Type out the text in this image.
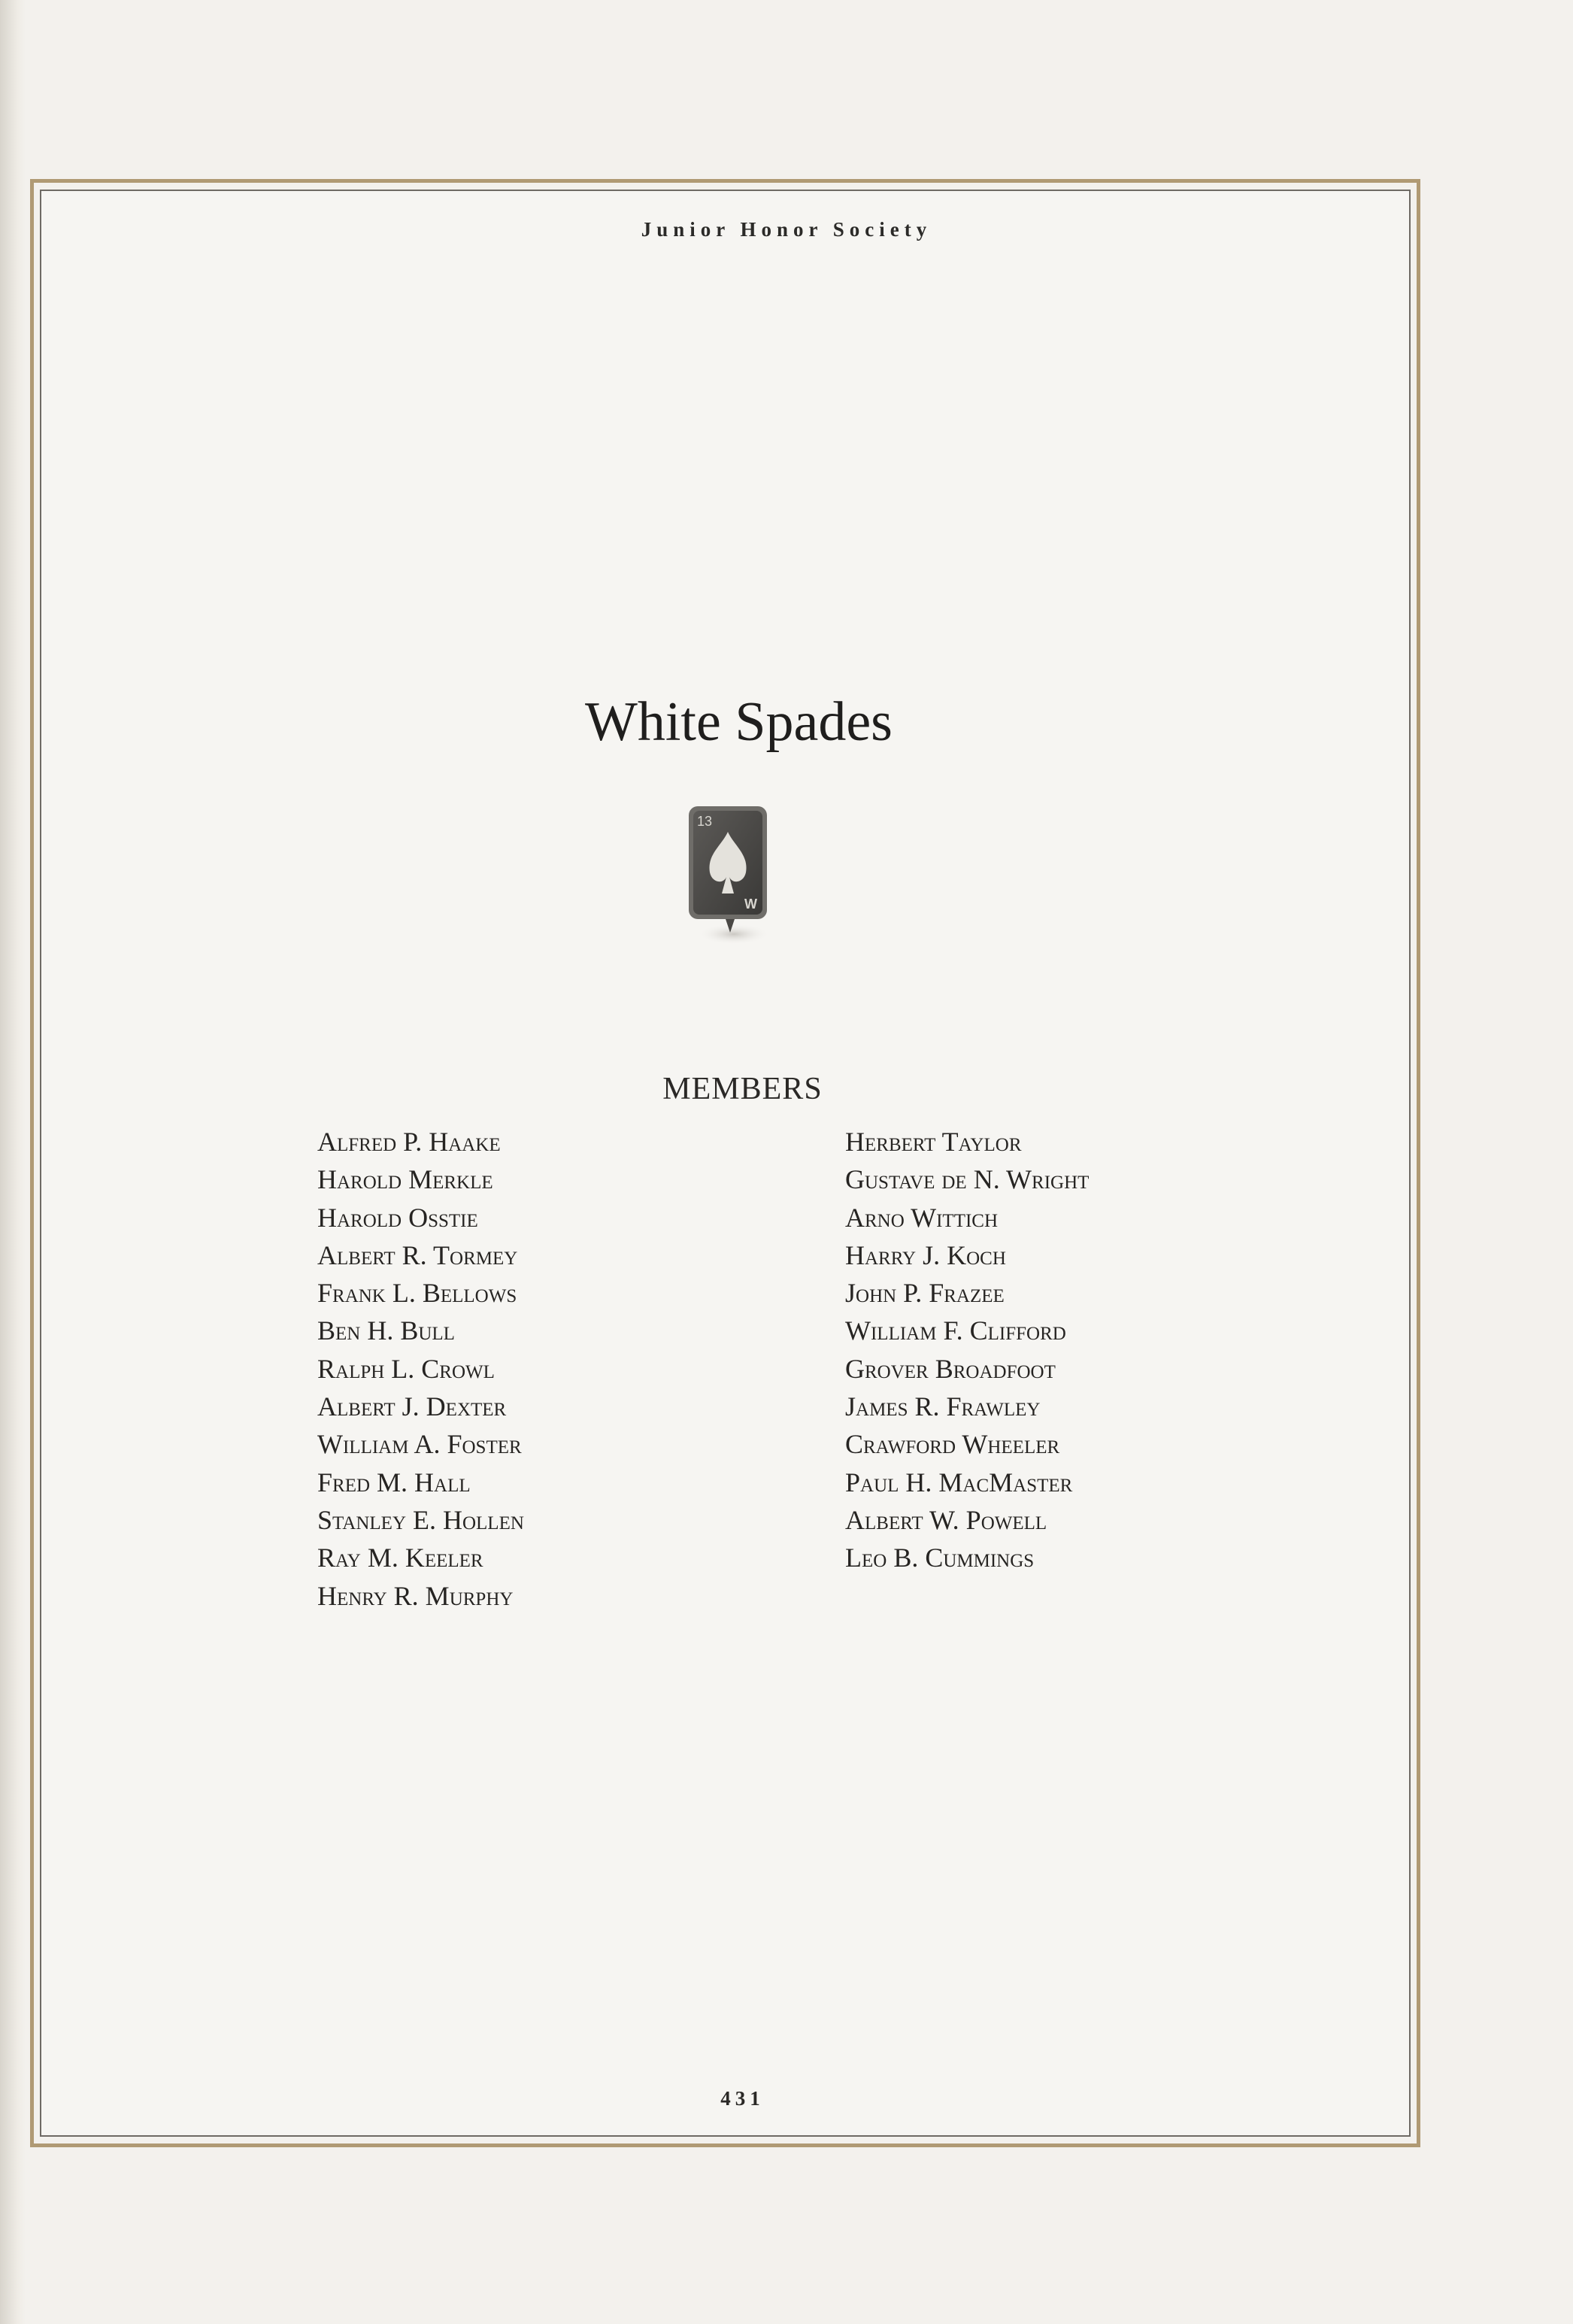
Junior Honor Society
White Spades
13
W
MEMBERS
Alfred P. Haake
Harold Merkle
Harold Osstie
Albert R. Tormey
Frank L. Bellows
Ben H. Bull
Ralph L. Crowl
Albert J. Dexter
William A. Foster
Fred M. Hall
Stanley E. Hollen
Ray M. Keeler
Henry R. Murphy
Herbert Taylor
Gustave de N. Wright
Arno Wittich
Harry J. Koch
John P. Frazee
William F. Clifford
Grover Broadfoot
James R. Frawley
Crawford Wheeler
Paul H. MacMaster
Albert W. Powell
Leo B. Cummings
431
